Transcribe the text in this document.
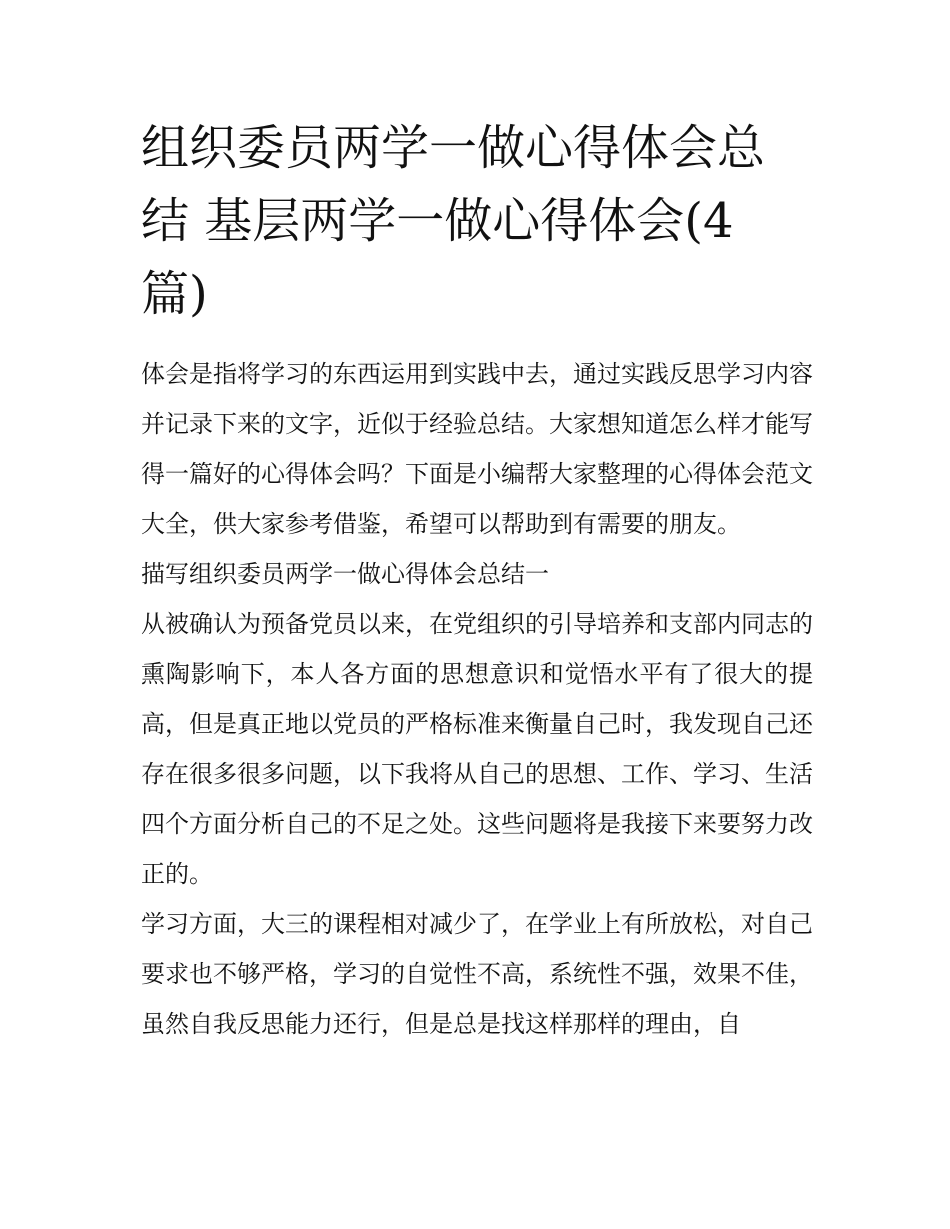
组织委员两学一做心得体会总
结 基层两学一做心得体会(4
篇)

体会是指将学习的东西运用到实践中去，通过实践反思学习内容并记录下来的文字，近似于经验总结。大家想知道怎么样才能写得一篇好的心得体会吗？下面是小编帮大家整理的心得体会范文大全，供大家参考借鉴，希望可以帮助到有需要的朋友。

描写组织委员两学一做心得体会总结一

从被确认为预备党员以来，在党组织的引导培养和支部内同志的熏陶影响下，本人各方面的思想意识和觉悟水平有了很大的提高，但是真正地以党员的严格标准来衡量自己时，我发现自己还存在很多很多问题，以下我将从自己的思想、工作、学习、生活四个方面分析自己的不足之处。这些问题将是我接下来要努力改正的。

学习方面，大三的课程相对减少了，在学业上有所放松，对自己要求也不够严格，学习的自觉性不高，系统性不强，效果不佳，虽然自我反思能力还行，但是总是找这样那样的理由，自
